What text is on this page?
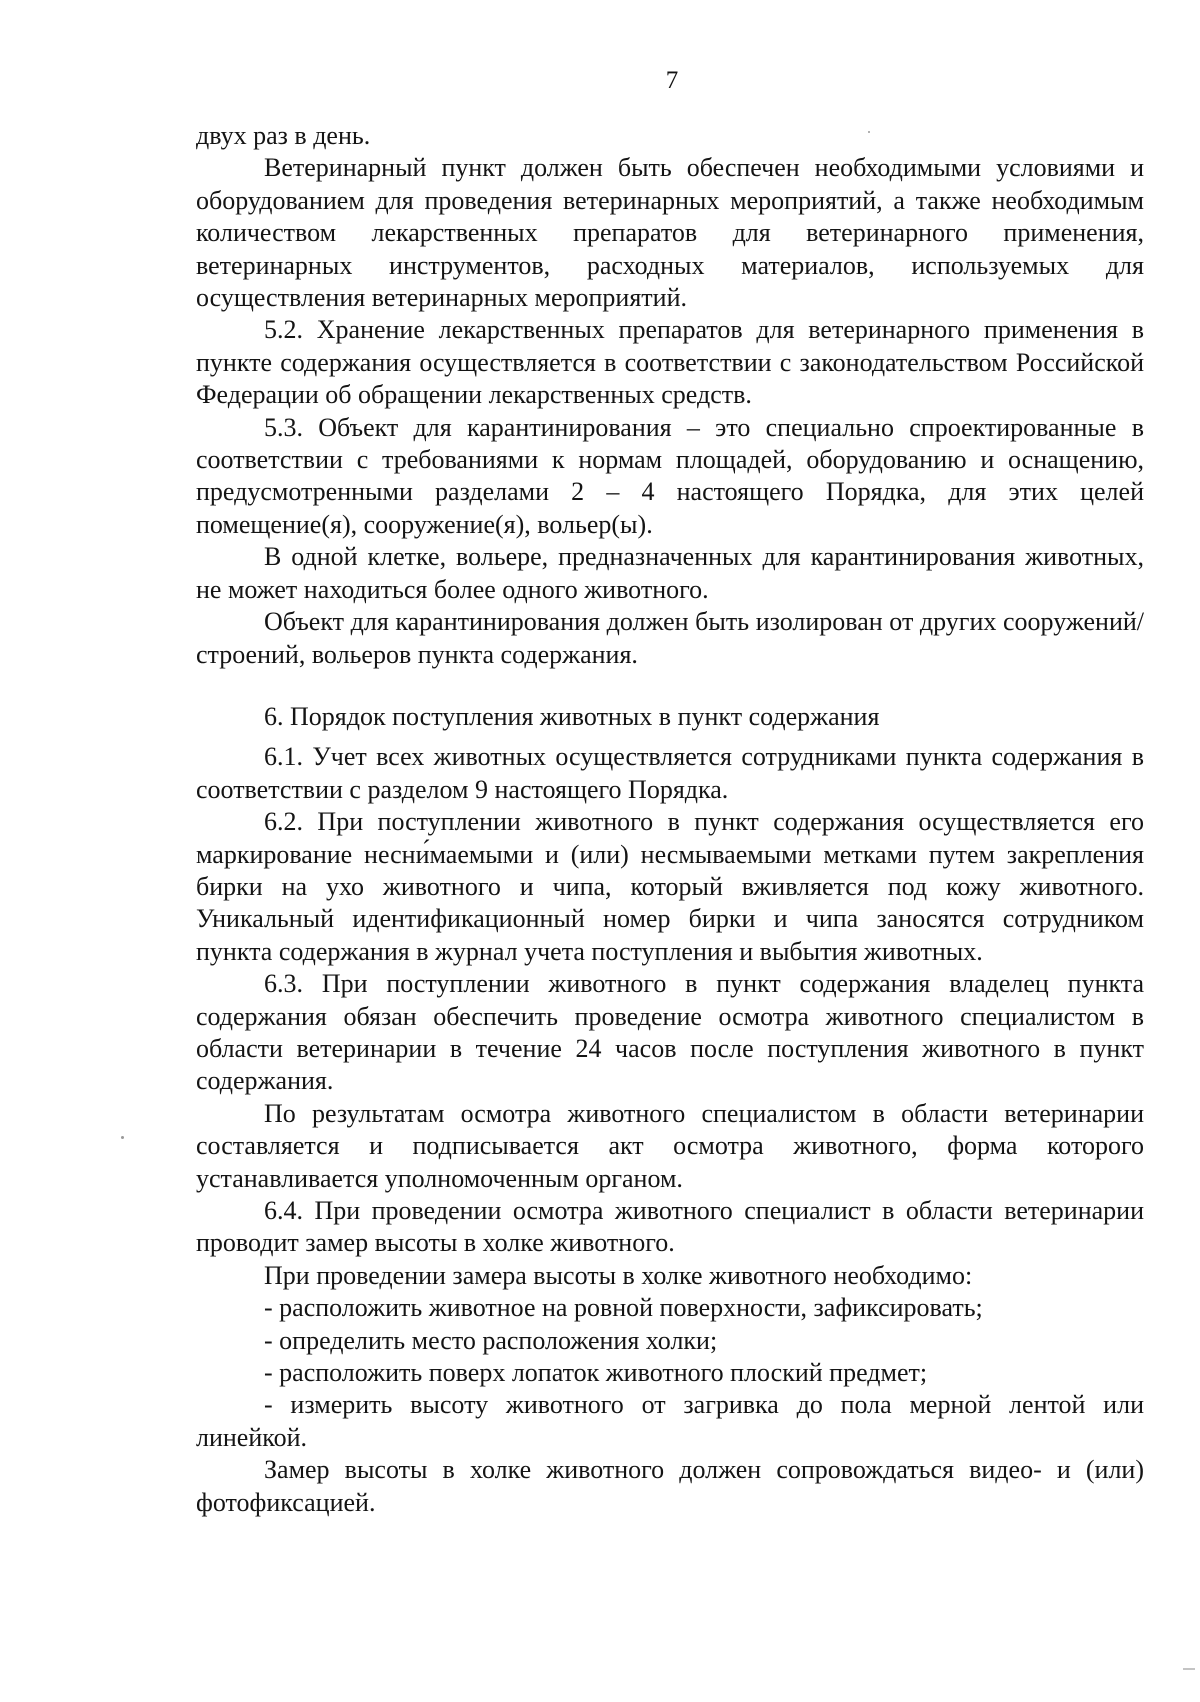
7

двух раз в день.

Ветеринарный пункт должен быть обеспечен необходимыми условиями и оборудованием для проведения ветеринарных мероприятий, а также необходимым количеством лекарственных препаратов для ветеринарного применения, ветеринарных инструментов, расходных материалов, используемых для осуществления ветеринарных мероприятий.

5.2. Хранение лекарственных препаратов для ветеринарного применения в пункте содержания осуществляется в соответствии с законодательством Российской Федерации об обращении лекарственных средств.

5.3. Объект для карантинирования – это специально спроектированные в соответствии с требованиями к нормам площадей, оборудованию и оснащению, предусмотренными разделами 2 – 4 настоящего Порядка, для этих целей помещение(я), сооружение(я), вольер(ы).

В одной клетке, вольере, предназначенных для карантинирования животных, не может находиться более одного животного.

Объект для карантинирования должен быть изолирован от других сооружений/строений, вольеров пункта содержания.

6. Порядок поступления животных в пункт содержания

6.1. Учет всех животных осуществляется сотрудниками пункта содержания в соответствии с разделом 9 настоящего Порядка.

6.2. При поступлении животного в пункт содержания осуществляется его маркирование несни́маемыми и (или) несмываемыми метками путем закрепления бирки на ухо животного и чипа, который вживляется под кожу животного. Уникальный идентификационный номер бирки и чипа заносятся сотрудником пункта содержания в журнал учета поступления и выбытия животных.

6.3. При поступлении животного в пункт содержания владелец пункта содержания обязан обеспечить проведение осмотра животного специалистом в области ветеринарии в течение 24 часов после поступления животного в пункт содержания.

По результатам осмотра животного специалистом в области ветеринарии составляется и подписывается акт осмотра животного, форма которого устанавливается уполномоченным органом.

6.4. При проведении осмотра животного специалист в области ветеринарии проводит замер высоты в холке животного.

При проведении замера высоты в холке животного необходимо:

- расположить животное на ровной поверхности, зафиксировать;

- определить место расположения холки;

- расположить поверх лопаток животного плоский предмет;

- измерить высоту животного от загривка до пола мерной лентой или линейкой.

Замер высоты в холке животного должен сопровождаться видео- и (или) фотофиксацией.
